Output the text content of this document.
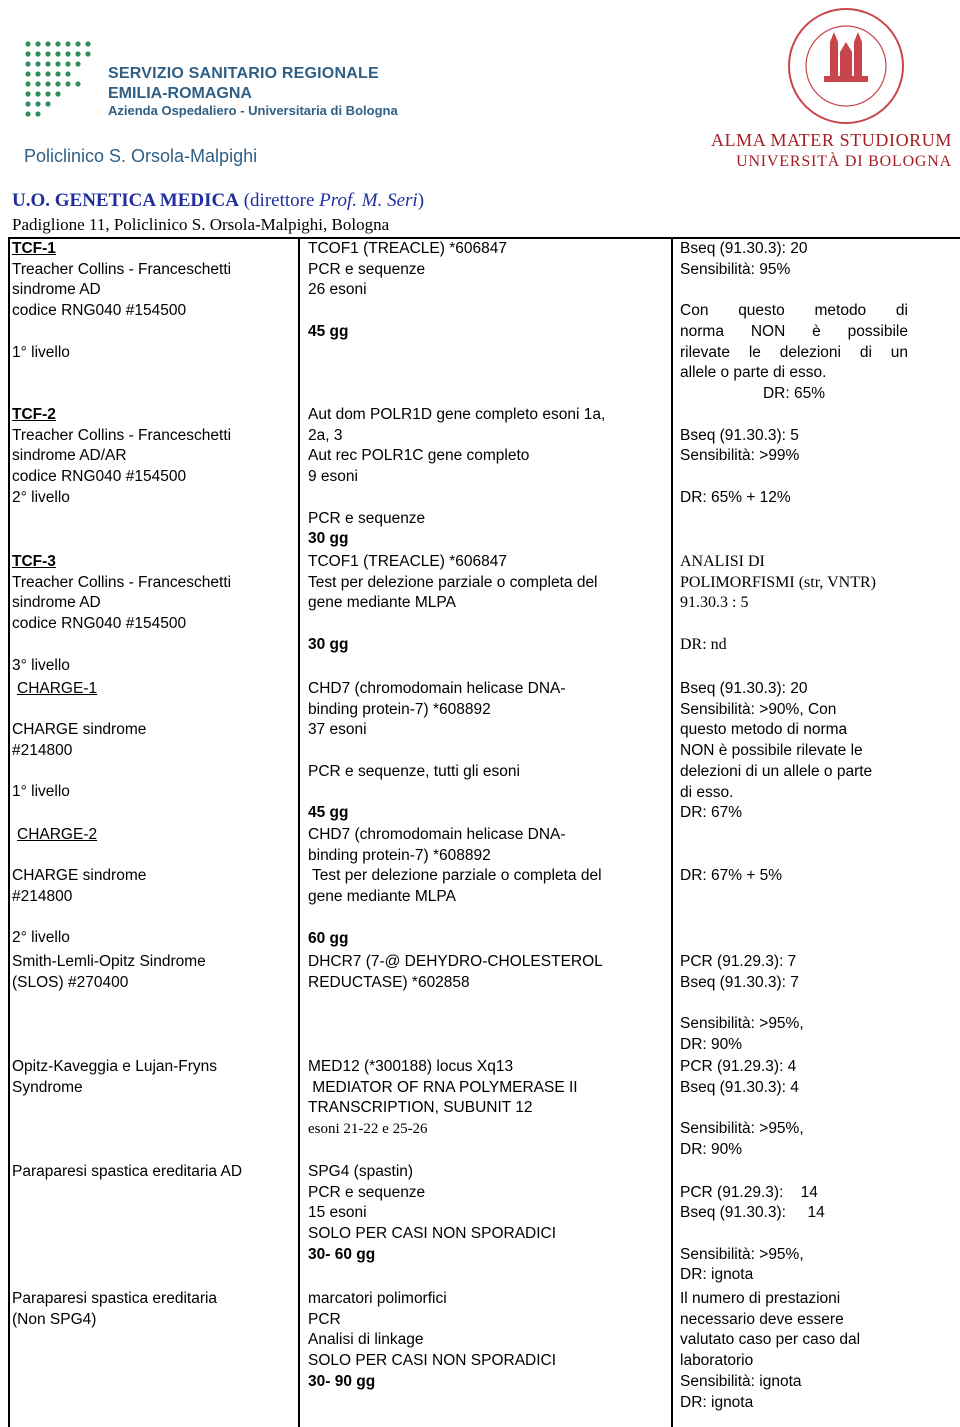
SERVIZIO SANITARIO REGIONALE
EMILIA-ROMAGNA
Azienda Ospedaliero - Universitaria di Bologna
Policlinico S. Orsola-Malpighi
ALMA MATER STUDIORUM
UNIVERSITÀ DI BOLOGNA
U.O. GENETICA MEDICA (direttore Prof. M. Seri)
Padiglione 11, Policlinico S. Orsola-Malpighi, Bologna
TCF-1
Treacher Collins - Franceschetti
sindrome AD
codice RNG040 #154500
1° livello
TCOF1 (TREACLE) *606847
PCR e sequenze
26 esoni
45 gg
Bseq (91.30.3): 20
Sensibilità: 95%
Con questo metodo di
norma NON è possibile
rilevate le delezioni di un
allele o parte di esso.
DR: 65%
TCF-2
Treacher Collins - Franceschetti
sindrome AD/AR
codice RNG040 #154500
2° livello
Aut dom POLR1D gene completo esoni 1a,
2a, 3
Aut rec POLR1C gene completo
9 esoni
PCR e sequenze
30 gg
Bseq (91.30.3): 5
Sensibilità: >99%
DR: 65% + 12%
TCF-3
Treacher Collins - Franceschetti
sindrome AD
codice RNG040 #154500
3° livello
TCOF1 (TREACLE) *606847
Test per delezione parziale o completa del
gene mediante MLPA
30 gg
ANALISI DI
POLIMORFISMI (str, VNTR)
91.30.3 : 5
DR: nd
CHARGE-1
CHARGE sindrome
#214800
1° livello
CHD7 (chromodomain helicase DNA-
binding protein-7) *608892
37 esoni
PCR e sequenze, tutti gli esoni
45 gg
Bseq (91.30.3): 20
Sensibilità: >90%, Con
questo metodo di norma
NON è possibile rilevate le
delezioni di un allele o parte
di esso.
DR: 67%
CHARGE-2
CHARGE sindrome
#214800
2° livello
CHD7 (chromodomain helicase DNA-
binding protein-7) *608892
Test per delezione parziale o completa del
gene mediante MLPA
60 gg
DR: 67% + 5%
Smith-Lemli-Opitz Sindrome
(SLOS) #270400
DHCR7 (7-@ DEHYDRO-CHOLESTEROL
REDUCTASE) *602858
PCR (91.29.3): 7
Bseq (91.30.3): 7
Sensibilità: >95%,
DR: 90%
Opitz-Kaveggia e Lujan-Fryns
Syndrome
MED12 (*300188) locus Xq13
MEDIATOR OF RNA POLYMERASE II
TRANSCRIPTION, SUBUNIT 12
esoni 21-22 e 25-26
PCR (91.29.3): 4
Bseq (91.30.3): 4
Sensibilità: >95%,
DR: 90%
Paraparesi spastica ereditaria AD	SPG4 (spastin)
PCR e sequenze
15 esoni
SOLO PER CASI NON SPORADICI
30- 60 gg
PCR (91.29.3):    14
Bseq (91.30.3):     14
Sensibilità: >95%,
DR: ignota
Paraparesi spastica ereditaria
(Non SPG4)
marcatori polimorfici
PCR
Analisi di linkage
SOLO PER CASI NON SPORADICI
30- 90 gg
Il numero di prestazioni
necessario deve essere
valutato caso per caso dal
laboratorio
Sensibilità: ignota
DR: ignota
